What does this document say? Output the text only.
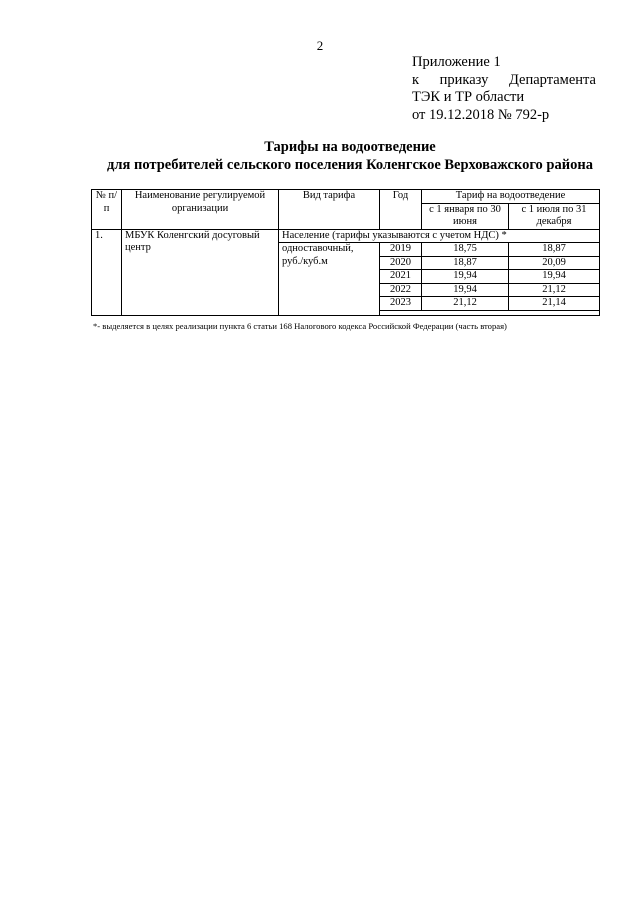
2
Приложение 1
к приказу Департамента
ТЭК и ТР области
от 19.12.2018 № 792-р
Тарифы на водоотведение
для потребителей сельского поселения Коленгское Верховажского района
№ п/п	Наименование регулируемой организации	Вид тарифа	Год	Тариф на водоотведение	
				с 1 января по 30 июня	с 1 июля по 31 декабря
1.	МБУК Коленгский досуговый центр	Население (тарифы указываются с учетом НДС) *			
		одноставочный, руб./куб.м	2019	18,75	18,87
			2020	18,87	20,09
			2021	19,94	19,94
			2022	19,94	21,12
			2023	21,12	21,14

*- выделяется в целях реализации пункта 6 статьи 168 Налогового кодекса Российской Федерации (часть вторая)
